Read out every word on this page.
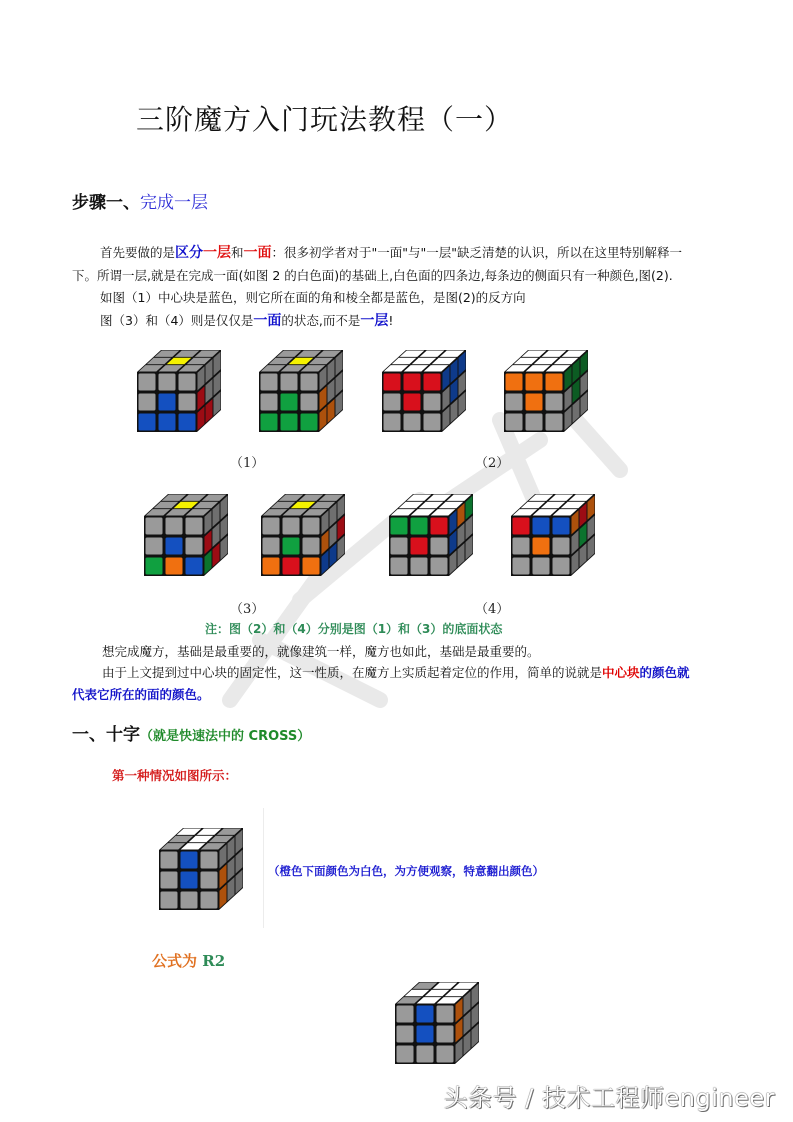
三阶魔方入门玩法教程（一）
步骤一、完成一层
首先要做的是区分一层和一面：很多初学者对于"一面"与"一层"缺乏清楚的认识，所以在这里特别解释一
下。所谓一层,就是在完成一面(如图 2 的白色面)的基础上,白色面的四条边,每条边的侧面只有一种颜色,图(2).
如图（1）中心块是蓝色，则它所在面的角和棱全都是蓝色，是图(2)的反方向
图（3）和（4）则是仅仅是一面的状态,而不是一层!
（1）	（2）
（3）	（4）
注：图（2）和（4）分别是图（1）和（3）的底面状态
想完成魔方，基础是最重要的，就像建筑一样，魔方也如此，基础是最重要的。
由于上文提到过中心块的固定性，这一性质，在魔方上实质起着定位的作用，简单的说就是中心块的颜色就
代表它所在的面的颜色。
一、十字（就是快速法中的 CROSS）
第一种情况如图所示：
（橙色下面颜色为白色，为方便观察，特意翻出颜色）
公式为 R2
头条号 / 技术工程师engineer
